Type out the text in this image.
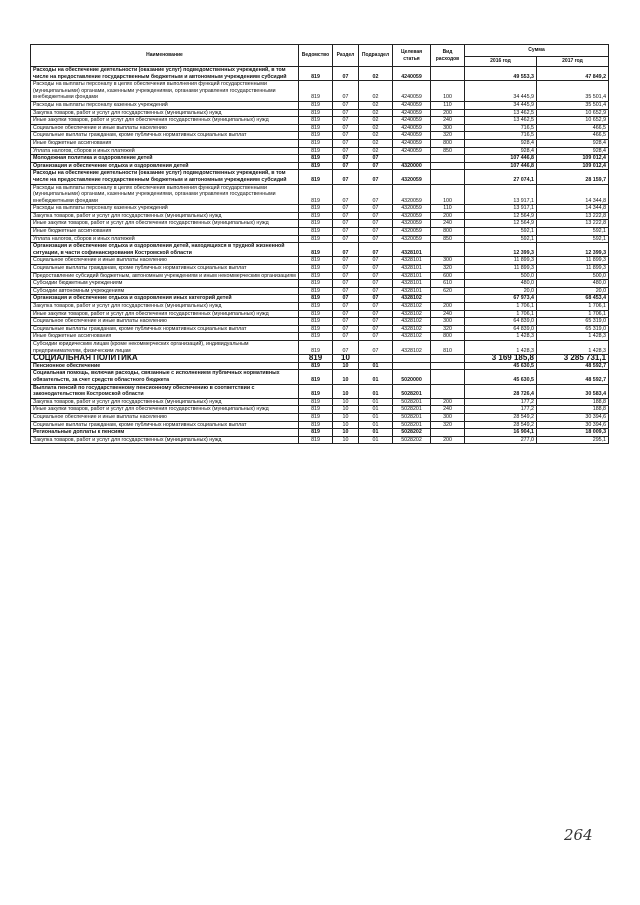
Наименование	Ведомство	Раздел	Подраздел	Целевая статья	Вид расходов	Сумма	
						2016 год	2017 год
Расходы на обеспечение деятельности (оказание услуг) подведомственных учреждений, в том числе на предоставление государственным бюджетным и автономным учреждениям субсидий	819	07	02	4240059		49 553,3	47 849,2
Расходы на выплаты персоналу в целях обеспечения выполнения функций государственными (муниципальными) органами, казенными учреждениями, органами управления государственными внебюджетными фондами	819	07	02	4240059	100	34 445,9	35 501,4
Расходы на выплаты персоналу казенных учреждений	819	07	02	4240059	110	34 445,9	35 501,4
Закупка товаров, работ и услуг для государственных (муниципальных) нужд	819	07	02	4240059	200	13 462,5	10 652,9
Иные закупки товаров, работ и услуг для обеспечения государственных (муниципальных) нужд	819	07	02	4240059	240	13 462,5	10 652,9
Социальное обеспечение и иные выплаты населению	819	07	02	4240059	300	716,5	466,5
Социальные выплаты гражданам, кроме публичных нормативных социальных выплат	819	07	02	4240059	320	716,5	466,5
Иные бюджетные ассигнования	819	07	02	4240059	800	928,4	928,4
Уплата налогов, сборов и иных платежей	819	07	02	4240059	850	928,4	928,4
Молодежная политика и оздоровление детей	819	07	07			107 446,8	109 012,4
Организация и обеспечение отдыха и оздоровления детей	819	07	07	4320000		107 446,8	109 012,4
Расходы на обеспечение деятельности (оказание услуг) подведомственных учреждений, в том числе на предоставление государственным бюджетным и автономным учреждениям субсидий	819	07	07	4320059		27 074,1	28 159,7
Расходы на выплаты персоналу в целях обеспечения выполнения функций государственными (муниципальными) органами, казенными учреждениями, органами управления государственными внебюджетными фондами	819	07	07	4320059	100	13 917,1	14 344,8
Расходы на выплаты персоналу казенных учреждений	819	07	07	4320059	110	13 917,1	14 344,8
Закупка товаров, работ и услуг для государственных (муниципальных) нужд	819	07	07	4320059	200	12 564,9	13 222,8
Иные закупки товаров, работ и услуг для обеспечения государственных (муниципальных) нужд	819	07	07	4320059	240	12 564,9	13 222,8
Иные бюджетные ассигнования	819	07	07	4320059	800	592,1	592,1
Уплата налогов, сборов и иных платежей	819	07	07	4320059	850	592,1	592,1
Организация и обеспечение отдыха и оздоровления детей, находящихся в трудной жизненной ситуации, в части софинансирования Костромской области	819	07	07	4328101		12 399,3	12 399,3
Социальное обеспечение и иные выплаты населению	819	07	07	4328101	300	11 899,3	11 899,3
Социальные выплаты гражданам, кроме публичных нормативных социальных выплат	819	07	07	4328101	320	11 899,3	11 899,3
Предоставление субсидий бюджетным, автономным учреждениям и иным некоммерческим организациям	819	07	07	4328101	600	500,0	500,0
Субсидии бюджетным учреждениям	819	07	07	4328101	610	480,0	480,0
Субсидии автономным учреждениям	819	07	07	4328101	620	20,0	20,0
Организация и обеспечение отдыха и оздоровления иных категорий детей	819	07	07	4328102		67 973,4	68 453,4
Закупка товаров, работ и услуг для государственных (муниципальных) нужд	819	07	07	4328102	200	1 706,1	1 706,1
Иные закупки товаров, работ и услуг для обеспечения государственных (муниципальных) нужд	819	07	07	4328102	240	1 706,1	1 706,1
Социальное обеспечение и иные выплаты населению	819	07	07	4328102	300	64 839,0	65 319,0
Социальные выплаты гражданам, кроме публичных нормативных социальных выплат	819	07	07	4328102	320	64 839,0	65 319,0
Иные бюджетные ассигнования	819	07	07	4328102	800	1 428,3	1 428,3
Субсидии юридическим лицам (кроме некоммерческих организаций), индивидуальным предпринимателям, физическим лицам	819	07	07	4328102	810	1 428,3	1 428,3
СОЦИАЛЬНАЯ ПОЛИТИКА	819	10				3 169 185,8	3 285 731,1
Пенсионное обеспечение	819	10	01			45 630,5	48 592,7
Социальная помощь, включая расходы, связанные с исполнением публичных нормативных обязательств, за счет средств областного бюджета	819	10	01	5020000		45 630,5	48 592,7
Выплата пенсий по государственному пенсионному обеспечению в соответствии с законодательством Костромской области	819	10	01	5028201		28 726,4	30 583,4
Закупка товаров, работ и услуг для государственных (муниципальных) нужд	819	10	01	5028201	200	177,2	188,8
Иные закупки товаров, работ и услуг для обеспечения государственных (муниципальных) нужд	819	10	01	5028201	240	177,2	188,8
Социальное обеспечение и иные выплаты населению	819	10	01	5028201	300	28 549,2	30 394,6
Социальные выплаты гражданам, кроме публичных нормативных социальных выплат	819	10	01	5028201	320	28 549,2	30 394,6
Региональные доплаты к пенсиям	819	10	01	5028202		16 904,1	18 009,3
Закупка товаров, работ и услуг для государственных (муниципальных) нужд	819	10	01	5028202	200	277,0	295,1
264
